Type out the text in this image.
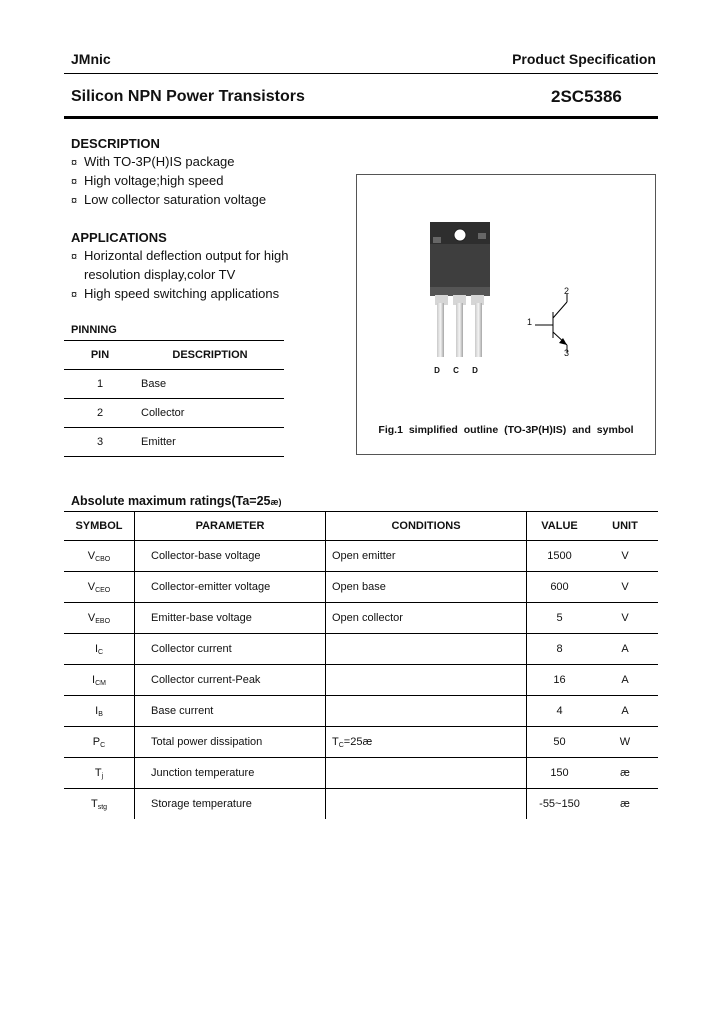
JMnic	Product Specification
Silicon NPN Power Transistors	2SC5386
DESCRIPTION
¤ With TO-3P(H)IS package
¤ High voltage;high speed
¤ Low collector saturation voltage
APPLICATIONS
¤ Horizontal deflection output for high
resolution display,color TV
¤ High speed switching applications
PINNING
PIN	DESCRIPTION
1	Base
2	Collector
3	Emitter
D C D
2
1
3
Fig.1 simplified outline (TO-3P(H)IS) and symbol
Absolute maximum ratings(Ta=25æ)
SYMBOL	PARAMETER	CONDITIONS	VALUE	UNIT
$V_{CBO}$	Collector-base voltage	Open emitter	1500	V
$V_{CEO}$	Collector-emitter voltage	Open base	600	V
$V_{EBO}$	Emitter-base voltage	Open collector	5	V
$I_C$	Collector current		8	A
$I_{CM}$	Collector current-Peak		16	A
$I_B$	Base current		4	A
$P_C$	Total power dissipation	$T_C=25æ$	50	W
$T_j$	Junction temperature		150	æ
$T_{stg}$	Storage temperature		-55~150	æ
